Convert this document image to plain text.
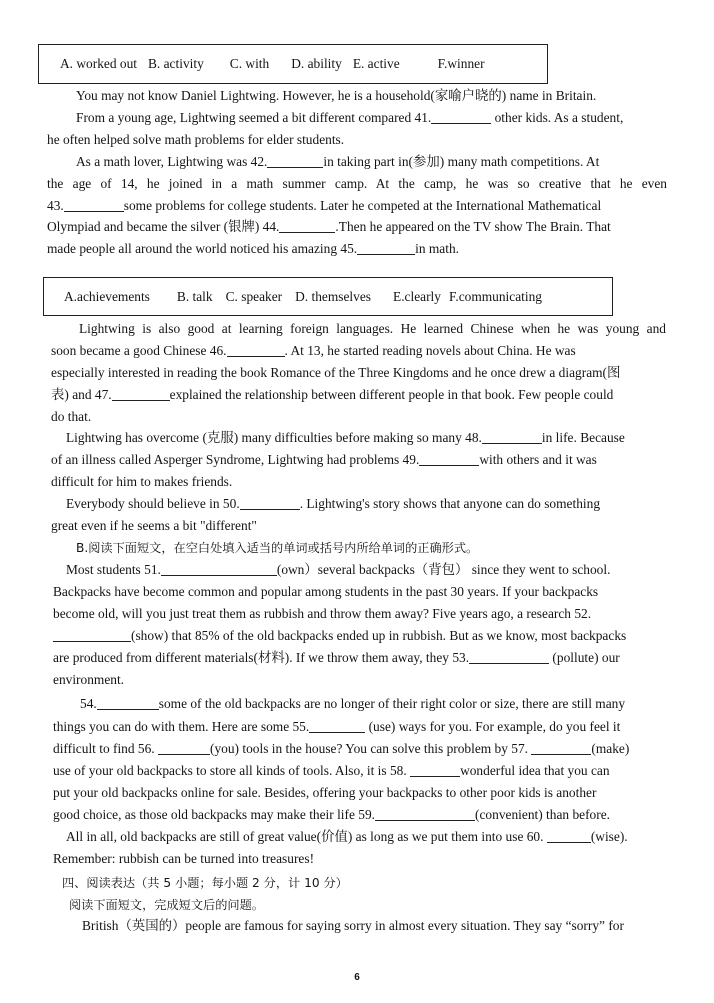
A. worked out B. activity C. with D. ability E. active	F.winner
You may not know Daniel Lightwing. However, he is a household(家喻户晓的) name in Britain.
From a young age, Lightwing seemed a bit different compared 41.	other kids. As a student,
he often helped solve math problems for elder students.
As a math lover, Lightwing was 42.	in taking part in(参加) many math competitions. At
the age of 14, he joined in a math summer camp. At the camp, he was so creative that he even
43.	some problems for college students. Later he competed at the International Mathematical
Olympiad and became the silver (银牌) 44.	.Then he appeared on the TV show The Brain. That
made people all around the world noticed his amazing 45.	in math.
A.achievements B. talk C. speaker D. themselves E.clearly F.communicating
Lightwing is also good at learning foreign languages. He learned Chinese when he was young and
soon became a good Chinese 46.	. At 13, he started reading novels about China. He was
especially interested in reading the book Romance of the Three Kingdoms and he once drew a diagram(图
表) and 47.	explained the relationship between different people in that book. Few people could
do that.
Lightwing has overcome (克服) many difficulties before making so many 48.	in life. Because
of an illness called Asperger Syndrome, Lightwing had problems 49.	with others and it was
difficult for him to makes friends.
Everybody should believe in 50.	. Lightwing's story shows that anyone can do something
great even if he seems a bit "different"
B.阅读下面短文，在空白处填入适当的单词或括号内所给单词的正确形式。
Most students 51.	(own）several backpacks（背包） since they went to school.
Backpacks have become common and popular among students in the past 30 years. If your backpacks
become old, will you just treat them as rubbish and throw them away? Five years ago, a research 52.
(show) that 85% of the old backpacks ended up in rubbish. But as we know, most backpacks
are produced from different materials(材料). If we throw them away, they 53.	(pollute) our
environment.
54.	some of the old backpacks are no longer of their right color or size, there are still many
things you can do with them. Here are some 55.	(use) ways for you. For example, do you feel it
difficult to find 56.	(you) tools in the house? You can solve this problem by 57.	(make)
use of your old backpacks to store all kinds of tools. Also, it is 58.	wonderful idea that you can
put your old backpacks online for sale. Besides, offering your backpacks to other poor kids is another
good choice, as those old backpacks may make their life 59.	(convenient) than before.
All in all, old backpacks are still of great value(价值) as long as we put them into use 60.	(wise).
Remember: rubbish can be turned into treasures!
四、阅读表达（共 5 小题；每小题 2 分，计 10 分）
阅读下面短文，完成短文后的问题。
British（英国的）people are famous for saying sorry in almost every situation. They say “sorry” for
6
